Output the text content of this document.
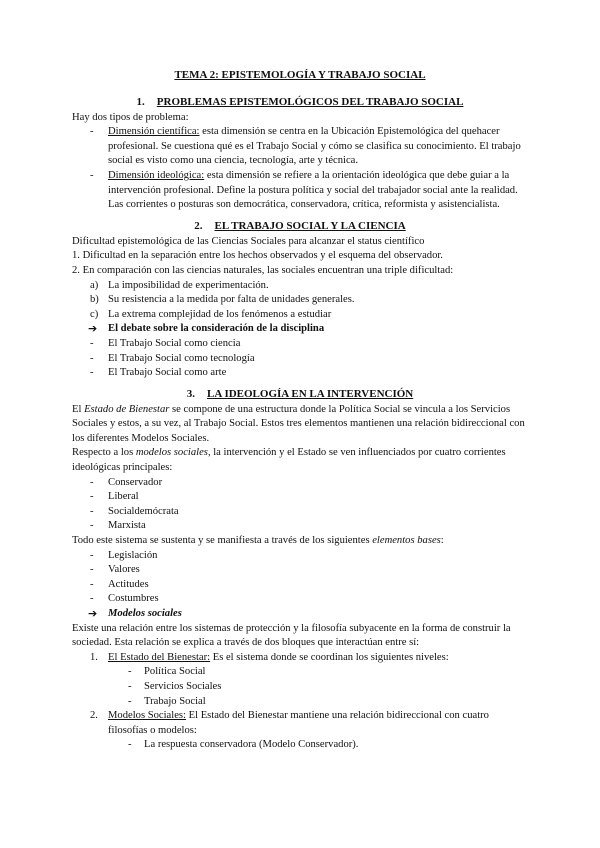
TEMA 2: EPISTEMOLOGÍA Y TRABAJO SOCIAL

1. PROBLEMAS EPISTEMOLÓGICOS DEL TRABAJO SOCIAL

Hay dos tipos de problema:

- Dimensión científica: esta dimensión se centra en la Ubicación Epistemológica del quehacer profesional. Se cuestiona qué es el Trabajo Social y cómo se clasifica su conocimiento. El trabajo social es visto como una ciencia, tecnología, arte y técnica.
- Dimensión ideológica: esta dimensión se refiere a la orientación ideológica que debe guiar a la intervención profesional. Define la postura política y social del trabajador social ante la realidad. Las corrientes o posturas son democrática, conservadora, crítica, reformista y asistencialista.
2. EL TRABAJO SOCIAL Y LA CIENCIA

Dificultad epistemológica de las Ciencias Sociales para alcanzar el status científico

1. Dificultad en la separación entre los hechos observados y el esquema del observador.

2. En comparación con las ciencias naturales, las sociales encuentran una triple dificultad:

a) La imposibilidad de experimentación.
b) Su resistencia a la medida por falta de unidades generales.
c) La extrema complejidad de los fenómenos a estudiar
➔ El debate sobre la consideración de la disciplina
- El Trabajo Social como ciencia
- El Trabajo Social como tecnología
- El Trabajo Social como arte
3. LA IDEOLOGÍA EN LA INTERVENCIÓN

El Estado de Bienestar se compone de una estructura donde la Política Social se vincula a los Servicios Sociales y estos, a su vez, al Trabajo Social. Estos tres elementos mantienen una relación bidireccional con los diferentes Modelos Sociales.

Respecto a los modelos sociales, la intervención y el Estado se ven influenciados por cuatro corrientes ideológicas principales:

- Conservador
- Liberal
- Socialdemócrata
- Marxista

Todo este sistema se sustenta y se manifiesta a través de los siguientes elementos bases:

- Legislación
- Valores
- Actitudes
- Costumbres
➔ Modelos sociales

Existe una relación entre los sistemas de protección y la filosofía subyacente en la forma de construir la sociedad. Esta relación se explica a través de dos bloques que interactúan entre sí:

1. El Estado del Bienestar: Es el sistema donde se coordinan los siguientes niveles:
- Política Social
- Servicios Sociales
- Trabajo Social
2. Modelos Sociales: El Estado del Bienestar mantiene una relación bidireccional con cuatro filosofías o modelos:
- La respuesta conservadora (Modelo Conservador).
